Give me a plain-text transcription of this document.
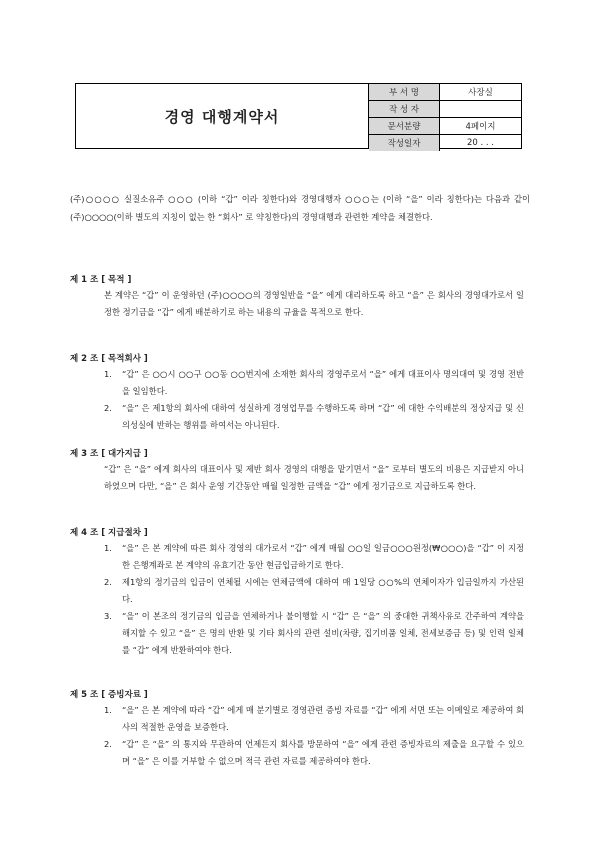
경영 대행계약서
부 서 명	사장실
작 성 자	
문서분량	4페이지
작성일자	20 . . .
(주)○○○○ 실질소유주 ○○○ (이하 “갑” 이라 칭한다)와 경영대행자 ○○○는 (이하 “을” 이라 칭한다)는 다음과 같이 (주)○○○○(이하 별도의 지칭이 없는 한 “회사” 로 약칭한다)의 경영대행과 관련한 계약을 체결한다.
제 1 조 [ 목적 ]
본 계약은 “갑” 이 운영하던 (주)○○○○의 경영일반을 “을” 에게 대리하도록 하고 “을” 은 회사의 경영대가로서 일정한 정기금을 “갑” 에게 배분하기로 하는 내용의 규율을 목적으로 한다.
제 2 조 [ 목적회사 ]
1.	“갑” 은 ○○시 ○○구 ○○동 ○○번지에 소재한 회사의 경영주로서 “을” 에게 대표이사 명의대여 및 경영 전반을 일임한다.
2.	“을” 은 제1항의 회사에 대하여 성실하게 경영업무를 수행하도록 하며 “갑” 에 대한 수익배분의 정상지급 및 신의성실에 반하는 행위를 하여서는 아니된다.
제 3 조 [ 대가지급 ]
“갑” 은 “을” 에게 회사의 대표이사 및 제반 회사 경영의 대행을 맡기면서 “을” 로부터 별도의 비용은 지급받지 아니하였으며 다만, “을” 은 회사 운영 기간동안 매월 일정한 금액을 “갑” 에게 정기금으로 지급하도록 한다.
제 4 조 [ 지급절차 ]
1.	“을” 은 본 계약에 따른 회사 경영의 대가로서 “갑” 에게 매월 ○○일 일금○○○원정(₩○○○)을 “갑” 이 지정한 은행계좌로 본 계약의 유효기간 동안 현금입금하기로 한다.
2.	제1항의 정기금의 입금이 연체될 시에는 연체금액에 대하여 매 1일당 ○○%의 연체이자가 입금일까지 가산된다.
3.	“을” 이 본조의 정기금의 입금을 연체하거나 불이행할 시 “갑” 은 “을” 의 중대한 귀책사유로 간주하여 계약을 해지할 수 있고 “을” 은 명의 반환 및 기타 회사의 관련 설비(차량, 집기비품 일체, 전세보증금 등) 및 인력 일체를 “갑” 에게 반환하여야 한다.
제 5 조 [ 증빙자료 ]
1.	“을” 은 본 계약에 따라 “갑” 에게 매 분기별로 경영관련 증빙 자료를 “갑” 에게 서면 또는 이메일로 제공하여 회사의 적절한 운영을 보증한다.
2.	“갑” 은 “을” 의 통지와 무관하여 언제든지 회사를 방문하여 “을” 에게 관련 증빙자료의 제출을 요구할 수 있으며 “을” 은 이를 거부할 수 없으며 적극 관련 자료를 제공하여야 한다.
